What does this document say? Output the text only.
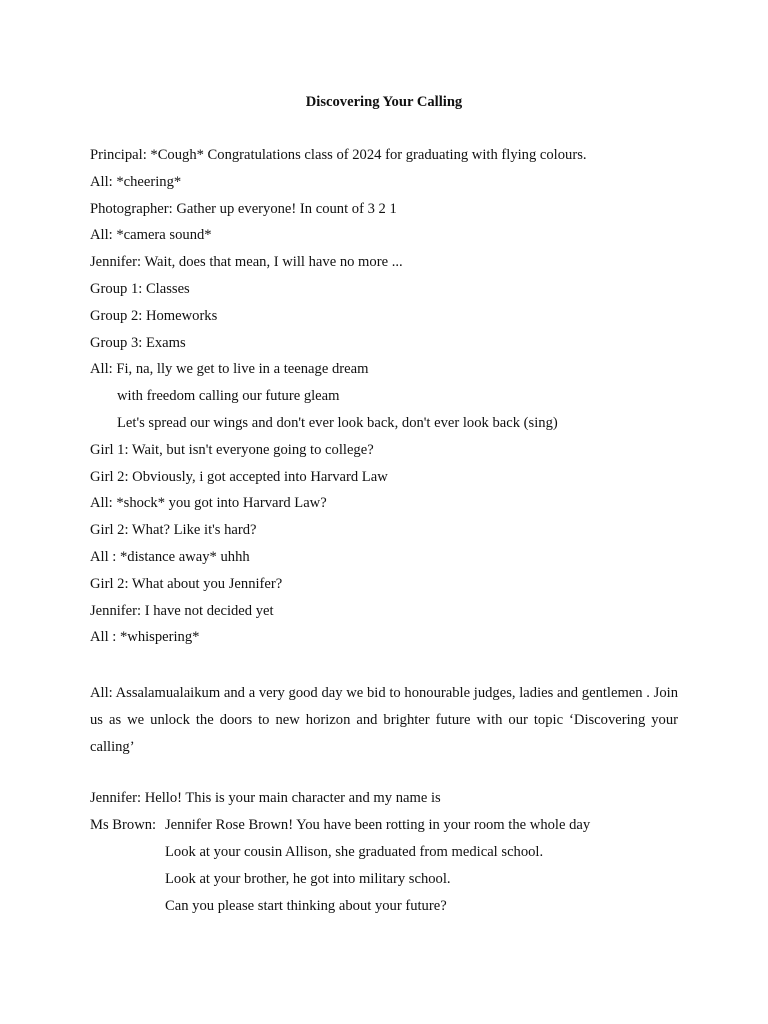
Discovering Your Calling
Principal: *Cough* Congratulations class of 2024 for graduating with flying colours.
All: *cheering*
Photographer: Gather up everyone! In count of 3 2 1
All: *camera sound*
Jennifer: Wait, does that mean, I will have no more ...
Group 1: Classes
Group 2: Homeworks
Group 3: Exams
All: Fi, na, lly we get to live in a teenage dream
with freedom calling our future gleam
Let's spread our wings and don't ever look back, don't ever look back (sing)
Girl 1: Wait, but isn't everyone going to college?
Girl 2: Obviously, i got accepted into Harvard Law
All: *shock* you got into Harvard Law?
Girl 2: What? Like it's hard?
All : *distance away* uhhh
Girl 2: What about you Jennifer?
Jennifer: I have not decided yet
All : *whispering*
All: Assalamualaikum and a very good day we bid to honourable judges, ladies and gentlemen . Join us as we unlock the doors to new horizon and brighter future with our topic ‘Discovering your calling’
Jennifer: Hello! This is your main character and my name is
Ms Brown: Jennifer Rose Brown! You have been rotting in your room the whole day
Look at your cousin Allison, she graduated from medical school.
Look at your brother, he got into military school.
Can you please start thinking about your future?
